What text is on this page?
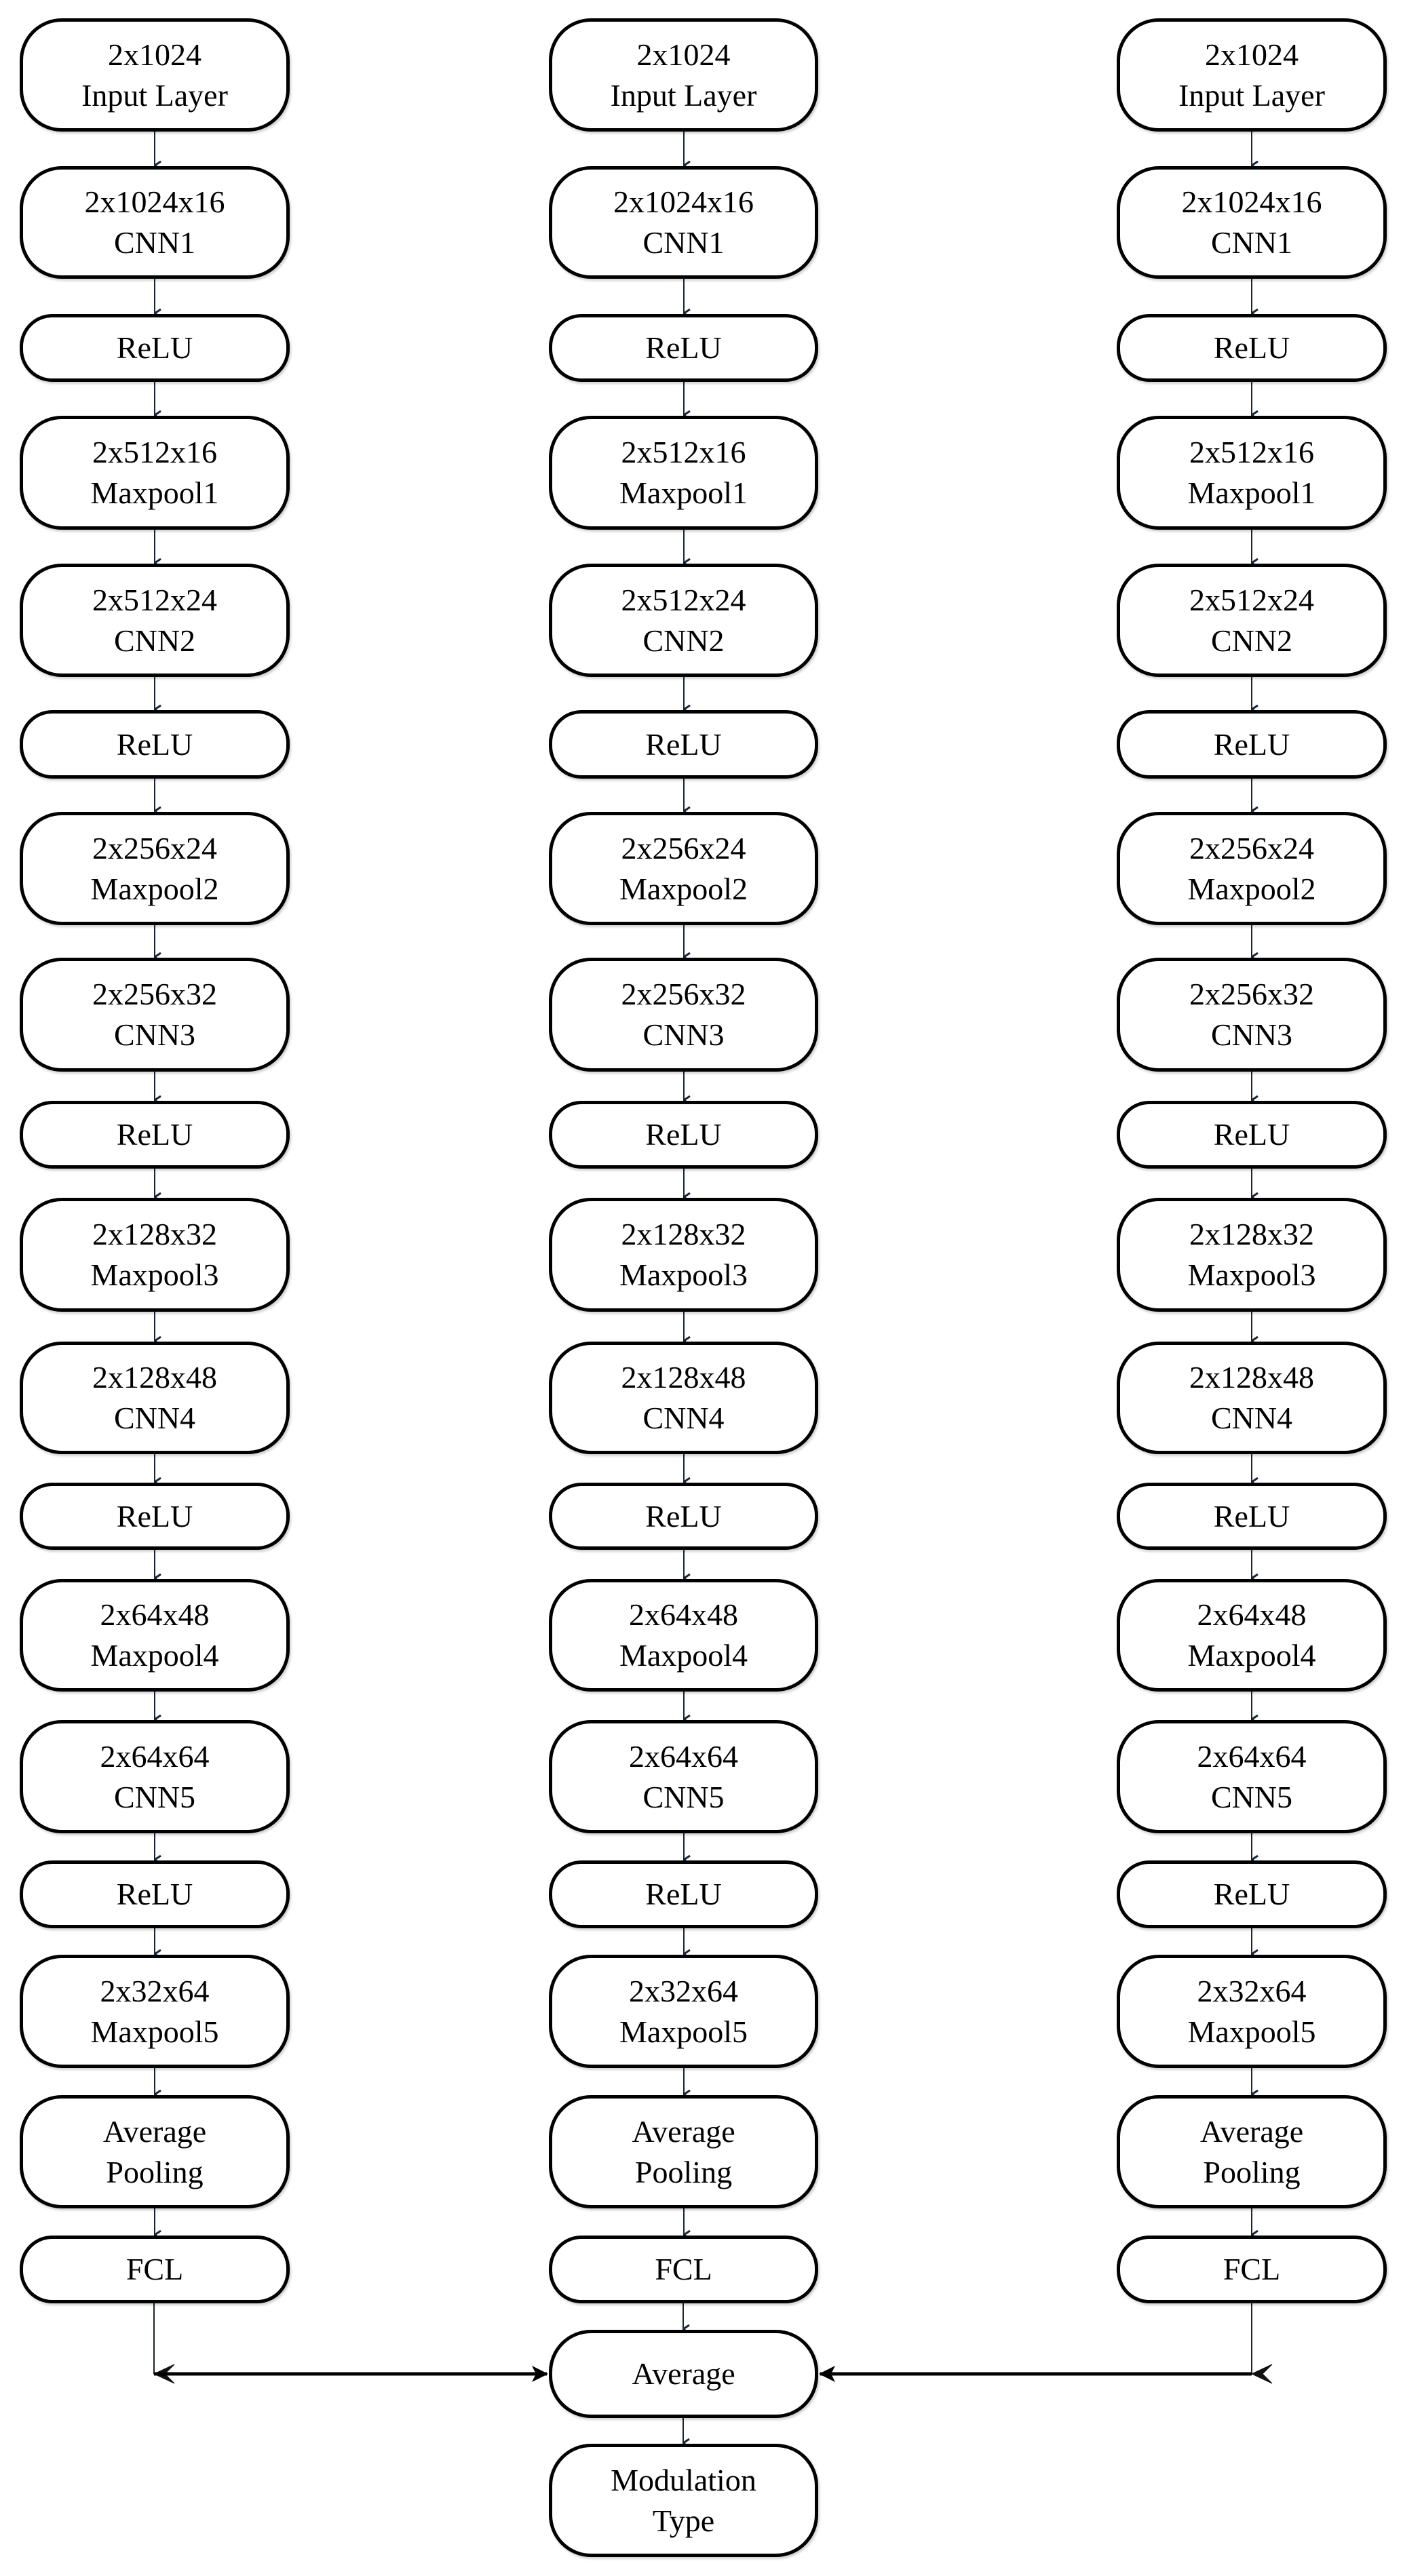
2x1024
Input Layer
2x1024x16
CNN1
ReLU
2x512x16
Maxpool1
2x512x24
CNN2
ReLU
2x256x24
Maxpool2
2x256x32
CNN3
ReLU
2x128x32
Maxpool3
2x128x48
CNN4
ReLU
2x64x48
Maxpool4
2x64x64
CNN5
ReLU
2x32x64
Maxpool5
Average
Pooling
FCL
2x1024
Input Layer
2x1024x16
CNN1
ReLU
2x512x16
Maxpool1
2x512x24
CNN2
ReLU
2x256x24
Maxpool2
2x256x32
CNN3
ReLU
2x128x32
Maxpool3
2x128x48
CNN4
ReLU
2x64x48
Maxpool4
2x64x64
CNN5
ReLU
2x32x64
Maxpool5
Average
Pooling
FCL
2x1024
Input Layer
2x1024x16
CNN1
ReLU
2x512x16
Maxpool1
2x512x24
CNN2
ReLU
2x256x24
Maxpool2
2x256x32
CNN3
ReLU
2x128x32
Maxpool3
2x128x48
CNN4
ReLU
2x64x48
Maxpool4
2x64x64
CNN5
ReLU
2x32x64
Maxpool5
Average
Pooling
FCL
Average
Modulation
Type
